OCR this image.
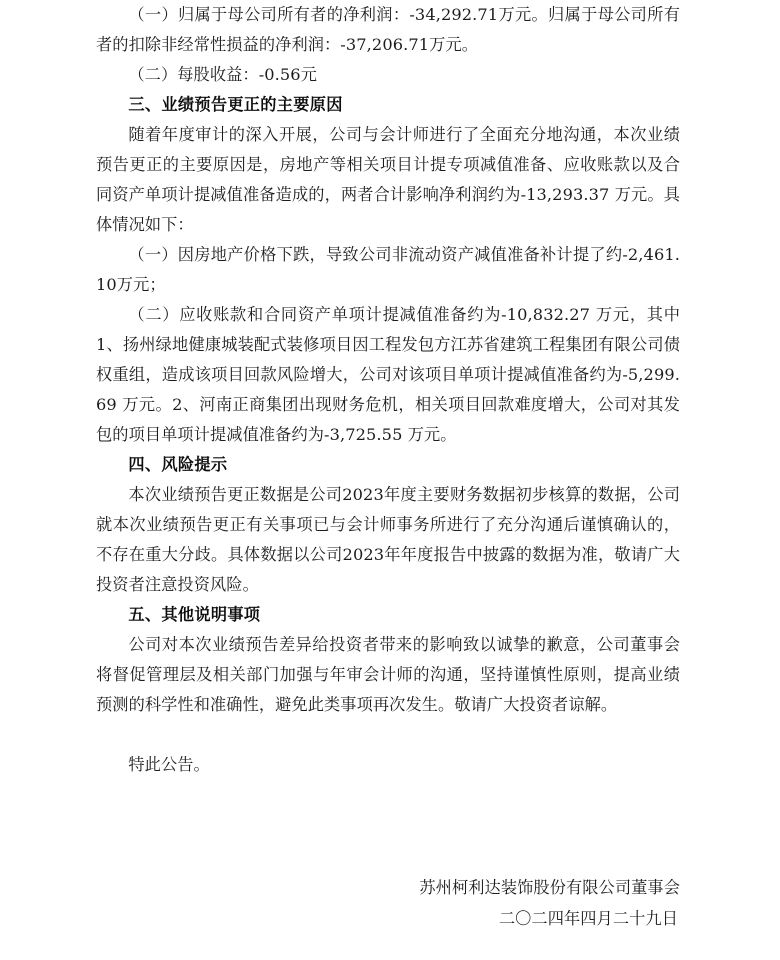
（一）归属于母公司所有者的净利润：-34,292.71万元。归属于母公司所有者的扣除非经常性损益的净利润：-37,206.71万元。

（二）每股收益：-0.56元

三、业绩预告更正的主要原因

随着年度审计的深入开展，公司与会计师进行了全面充分地沟通，本次业绩预告更正的主要原因是，房地产等相关项目计提专项减值准备、应收账款以及合同资产单项计提减值准备造成的，两者合计影响净利润约为-13,293.37 万元。具体情况如下：

（一）因房地产价格下跌，导致公司非流动资产减值准备补计提了约-2,461.10万元；

（二）应收账款和合同资产单项计提减值准备约为-10,832.27 万元，其中 1、扬州绿地健康城装配式装修项目因工程发包方江苏省建筑工程集团有限公司债权重组，造成该项目回款风险增大，公司对该项目单项计提减值准备约为-5,299.69 万元。2、河南正商集团出现财务危机，相关项目回款难度增大，公司对其发包的项目单项计提减值准备约为-3,725.55 万元。

四、风险提示

本次业绩预告更正数据是公司2023年度主要财务数据初步核算的数据，公司就本次业绩预告更正有关事项已与会计师事务所进行了充分沟通后谨慎确认的，不存在重大分歧。具体数据以公司2023年年度报告中披露的数据为准，敬请广大投资者注意投资风险。

五、其他说明事项

公司对本次业绩预告差异给投资者带来的影响致以诚挚的歉意，公司董事会将督促管理层及相关部门加强与年审会计师的沟通，坚持谨慎性原则，提高业绩预测的科学性和准确性，避免此类事项再次发生。敬请广大投资者谅解。

特此公告。

苏州柯利达装饰股份有限公司董事会

二〇二四年四月二十九日
